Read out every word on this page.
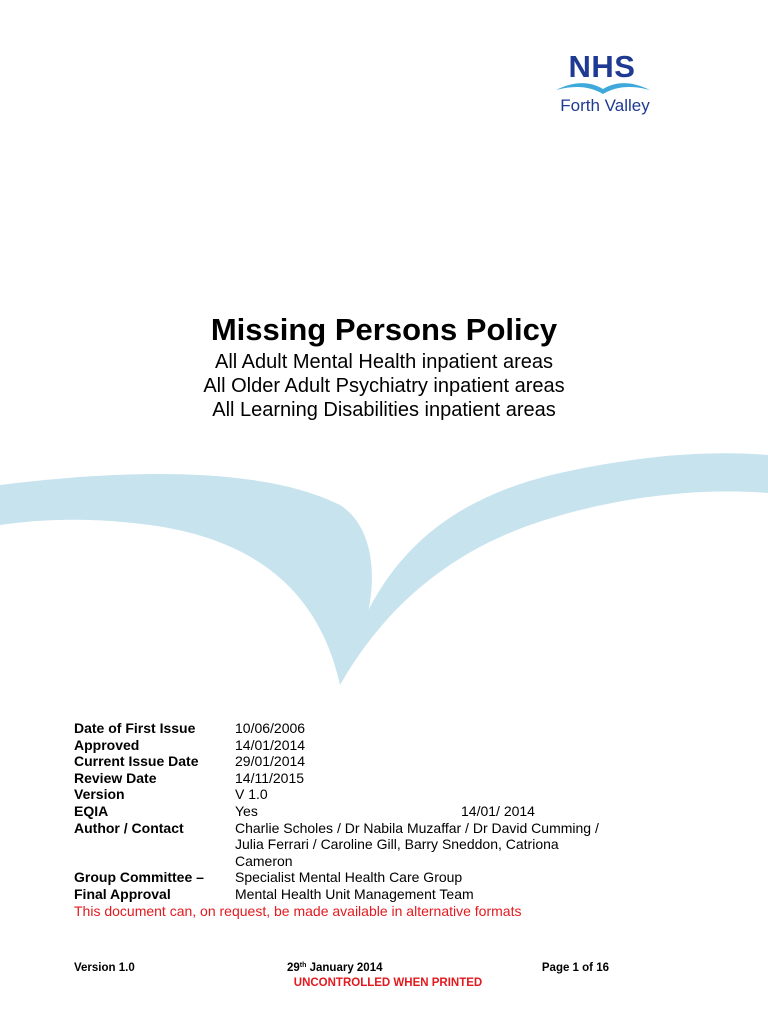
NHS
Forth Valley
Missing Persons Policy
All Adult Mental Health inpatient areas
All Older Adult Psychiatry inpatient areas
All Learning Disabilities inpatient areas
Date of First Issue	10/06/2006
Approved	14/01/2014
Current Issue Date	29/01/2014
Review Date	14/11/2015
Version	V 1.0
EQIA	Yes	14/01/ 2014
Author / Contact	Charlie Scholes / Dr Nabila Muzaffar / Dr David Cumming /
Julia Ferrari / Caroline Gill, Barry Sneddon, Catriona
Cameron
Group Committee –	Specialist Mental Health Care Group
Final Approval	Mental Health Unit Management Team
This document can, on request, be made available in alternative formats
Version 1.0	29th January 2014	Page 1 of 16
UNCONTROLLED WHEN PRINTED
